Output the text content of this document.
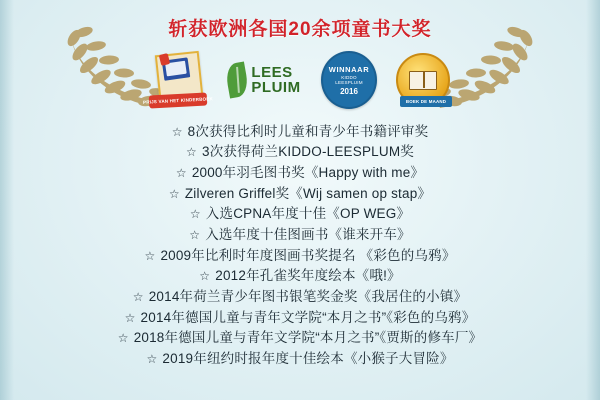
斩获欧洲各国20余项童书大奖
PRIJS VAN HET KINDERBOEK
LEES
PLUIM
WINNAAR
KIDDO
LEESPLUIM
2016
BOEK DE MAAND
☆ 8次获得比利时儿童和青少年书籍评审奖
☆ 3次获得荷兰KIDDO-LEESPLUM奖
☆ 2000年羽毛图书奖《Happy with me》
☆ Zilveren Griffel奖《Wij samen op stap》
☆ 入选CPNA年度十佳《OP WEG》
☆ 入选年度十佳图画书《谁来开车》
☆ 2009年比利时年度图画书奖提名 《彩色的乌鸦》
☆ 2012年孔雀奖年度绘本《哦!》
☆ 2014年荷兰青少年图书银笔奖金奖《我居住的小镇》
☆ 2014年德国儿童与青年文学院“本月之书”《彩色的乌鸦》
☆ 2018年德国儿童与青年文学院“本月之书”《贾斯的修车厂》
☆ 2019年纽约时报年度十佳绘本《小猴子大冒险》
